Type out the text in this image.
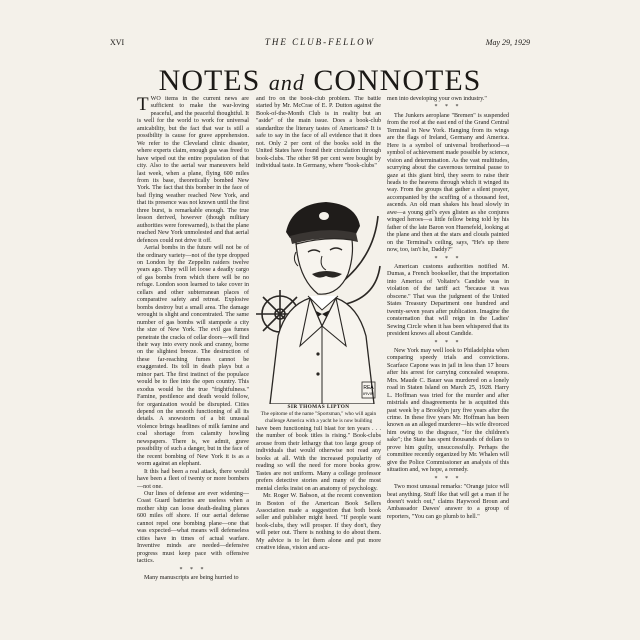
XVI	THE CLUB-FELLOW	May 29, 1929
NOTES and CONNOTES

TWO items in the current news are sufficient to make the war-loving peaceful, and the peaceful thoughtful. It is well for the world to work for universal amicability, but the fact that war is still a possibility is cause for grave apprehension. We refer to the Cleveland clinic disaster, where experts claim, enough gas was freed to have wiped out the entire population of that city. Also to the aerial war maneuvers held last week, when a plane, flying 600 miles from its base, theoretically bombed New York. The fact that this bomber in the face of bad flying weather reached New York, and that its presence was not known until the first three burst, is remarkable enough. The true lesson derived, however (though military authorities were forewarned), is that the plane reached New York unmolested and that aerial defences could not drive it off.

Aerial bombs in the future will not be of the ordinary variety—not of the type dropped on London by the Zeppelin raiders twelve years ago. They will let loose a deadly cargo of gas bombs from which there will be no refuge. London soon learned to take cover in cellars and other subterranean places of comparative safety and retreat. Explosive bombs destroy but a small area. The damage wrought is slight and concentrated. The same number of gas bombs will stampede a city the size of New York. The evil gas fumes penetrate the cracks of cellar doors—will find their way into every nook and cranny, borne on the slightest breeze. The destruction of these far-reaching fumes cannot be exaggerated. Its toll in death plays but a minor part. The first instinct of the populace would be to flee into the open country. This exodus would be the true "frightfulness." Famine, pestilence and death would follow, for organization would be disrupted. Cities depend on the smooth functioning of all its details. A snowstorm of a bit unusual violence brings headlines of milk famine and coal shortage from calamity howling newspapers. There is, we admit, grave possibility of such a danger, but in the face of the recent bombing of New York it is as a worm against an elephant.

It this had been a real attack, there would have been a fleet of twenty or more bombers—not one.

Our lines of defense are ever widening—Coast Guard batteries are useless when a mother ship can loose death-dealing planes 600 miles off shore. If our aerial defense cannot repel one bombing plane—one that was expected—what means will defenseless cities have in times of actual warfare. Inventive minds are needed—defensive progress must keep pace with offensive tactics.

* * *

Many manuscripts are being hurried to

and fro on the book-club problem. The battle started by Mr. McCrae of E. P. Dutton against the Book-of-the-Month Club is in reality but an "aside" of the main issue. Does a book-club standardize the literary tastes of Americans? It is safe to say in the face of all evidence that it does not. Only 2 per cent of the books sold in the United States have found their circulation through book-clubs. The other 98 per cent were bought by individual taste. In Germany, where "book-clubs"

REA
IRVIN
SIR THOMAS LIPTON
The epitome of the name "Sportsman," who will again challenge America with a yacht he is now building

have been functioning full blast for ten years . . . the number of book titles is rising." Book-clubs arouse from their lethargy that too large group of individuals that would otherwise not read any books at all. With the increased popularity of reading so will the need for more books grow. Tastes are not uniform. Many a college professor prefers detective stories and many of the most menial clerks insist on an anatomy of psychology.

Mr. Roger W. Babson, at the recent convention in Boston of the American Book Sellers Association made a suggestion that both book seller and publisher might heed. "If people want book-clubs, they will prosper. If they don't, they will peter out. There is nothing to do about them. My advice is to let them alone and put more creative ideas, vision and acu-

men into developing your own industry."

* * *

The Junkers aeroplane "Bremen" is suspended from the roof at the east end of the Grand Central Terminal in New York. Hanging from its wings are the flags of Ireland, Germany and America. Here is a symbol of universal brotherhood—a symbol of achievement made possible by science, vision and determination. As the vast multitudes, scurrying about the cavernous terminal pause to gaze at this giant bird, they seem to raise their heads to the heavens through which it winged its way. From the groups that gather a silent prayer, accompanied by the scuffing of a thousand feet, ascends. An old man shakes his head slowly in awe—a young girl's eyes glisten as she conjures winged heroes—a little fellow being told by his father of the late Baron von Huenefeld, looking at the plane and then at the stars and clouds painted on the Terminal's ceiling, says, "He's up there now, too, isn't he, Daddy?"

* * *

American customs authorities notified M. Dumas, a French bookseller, that the importation into America of Voltaire's Candide was in violation of the tariff act "because it was obscene." That was the judgment of the United States Treasury Department one hundred and twenty-seven years after publication. Imagine the consternation that will reign in the Ladies' Sewing Circle when it has been whispered that its president knows all about Candide.

* * *

New York may well look to Philadelphia when comparing speedy trials and convictions. Scarface Capone was in jail in less than 17 hours after his arrest for carrying concealed weapons. Mrs. Maude C. Bauer was murdered on a lonely road in Staten Island on March 25, 1928. Harry L. Hoffman was tried for the murder and after mistrials and disagreements he is acquitted this past week by a Brooklyn jury five years after the crime. In these five years Mr. Hoffman has been known as an alleged murderer—his wife divorced him owing to the disgrace, "for the children's sake"; the State has spent thousands of dollars to prove him guilty, unsuccessfully. Perhaps the committee recently organized by Mr. Whalen will give the Police Commissioner an analysis of this situation and, we hope, a remedy.

* * *

Two most unusual remarks: "Orange juice will beat anything. Stuff like that will get a man if he doesn't watch out," claims Haywood Broun and Ambassador Dawes' answer to a group of reporters, "You can go plumb to hell."
